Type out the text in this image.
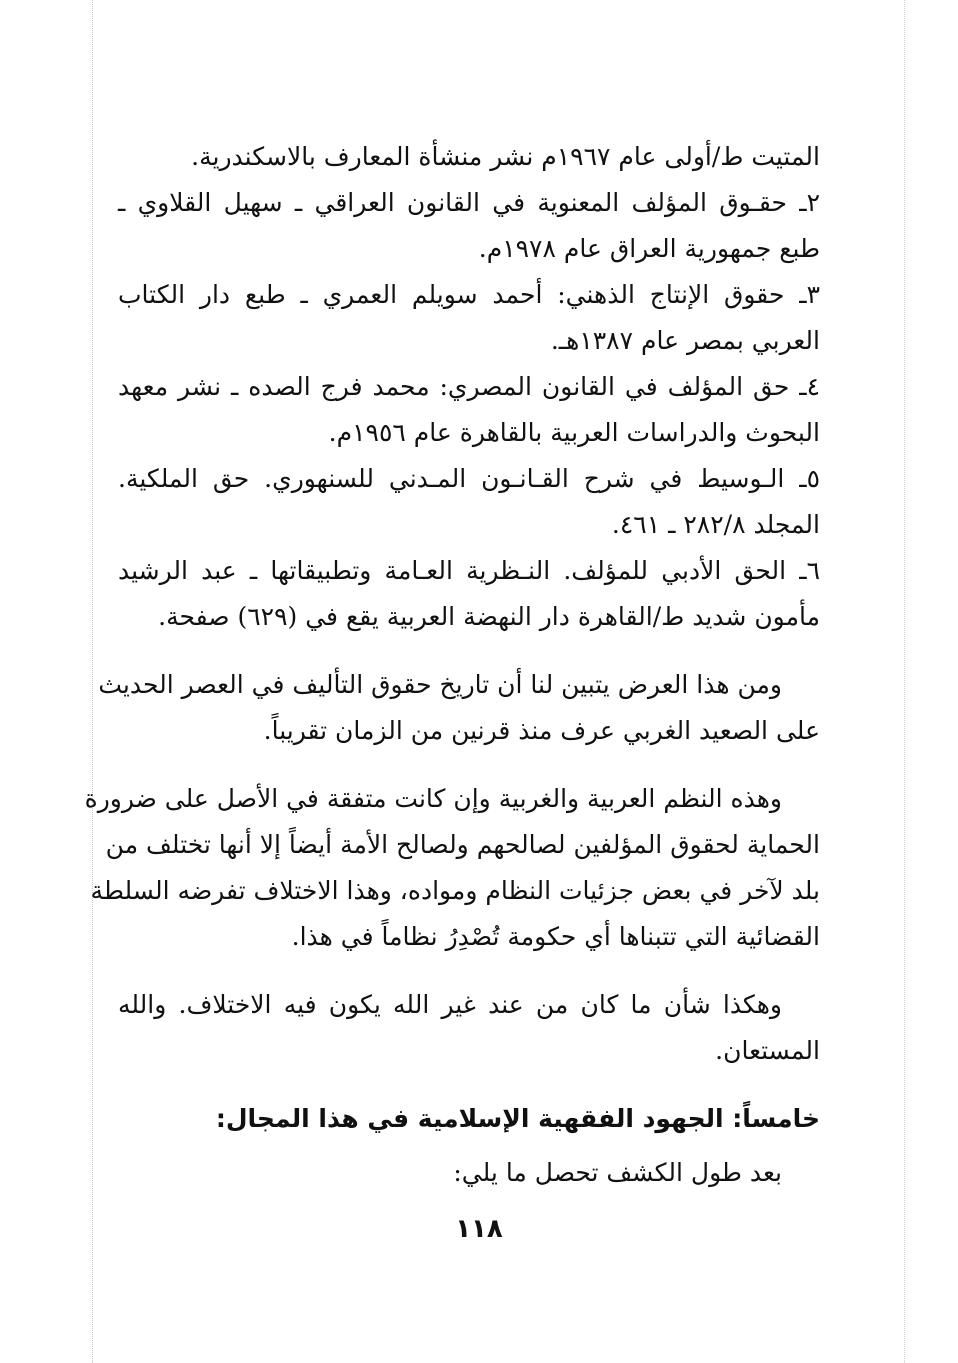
المتيت ط/أولى عام ١٩٦٧م نشر منشأة المعارف بالاسكندرية.
٢ـ حقـوق المؤلف المعنوية في القانون العراقي ـ سهيل القلاوي ـ
طبع جمهورية العراق عام ١٩٧٨م.
٣ـ حقوق الإنتاج الذهني: أحمد سويلم العمري ـ طبع دار الكتاب
العربي بمصر عام ١٣٨٧هـ.
٤ـ حق المؤلف في القانون المصري: محمد فرج الصده ـ نشر معهد
البحوث والدراسات العربية بالقاهرة عام ١٩٥٦م.
٥ـ الـوسيط في شرح القـانـون المـدني للسنهوري. حق الملكية.
المجلد ٢٨٢/٨ ـ ٤٦١.
٦ـ الحق الأدبي للمؤلف. النـظرية العـامة وتطبيقاتها ـ عبد الرشيد
مأمون شديد ط/القاهرة دار النهضة العربية يقع في (٦٢٩) صفحة.
ومن هذا العرض يتبين لنا أن تاريخ حقوق التأليف في العصر الحديث
على الصعيد الغربي عرف منذ قرنين من الزمان تقريباً.
وهذه النظم العربية والغربية وإن كانت متفقة في الأصل على ضرورة
الحماية لحقوق المؤلفين لصالحهم ولصالح الأمة أيضاً إلا أنها تختلف من
بلد لآخر في بعض جزئيات النظام ومواده، وهذا الاختلاف تفرضه السلطة
القضائية التي تتبناها أي حكومة تُصْدِرُ نظاماً في هذا.
وهكذا شأن ما كان من عند غير الله يكون فيه الاختلاف. والله
المستعان.
خامساً: الجهود الفقهية الإسلامية في هذا المجال:
بعد طول الكشف تحصل ما يلي:
١١٨
